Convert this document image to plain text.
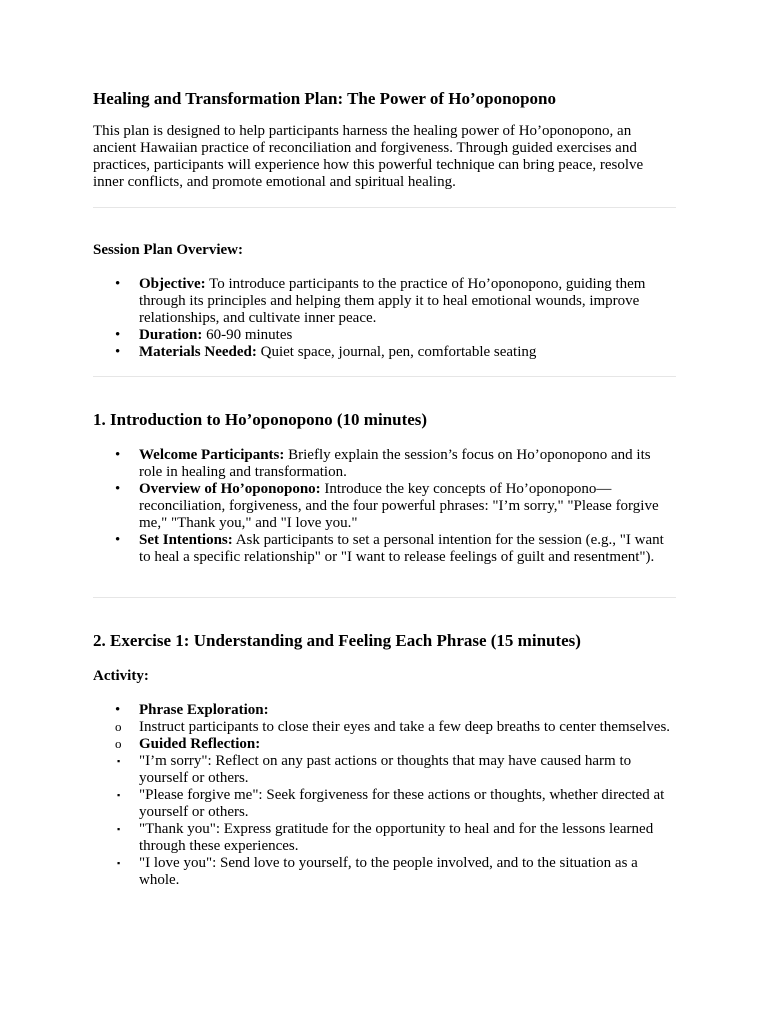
Healing and Transformation Plan: The Power of Ho’oponopono

This plan is designed to help participants harness the healing power of Ho’oponopono, an ancient Hawaiian practice of reconciliation and forgiveness. Through guided exercises and practices, participants will experience how this powerful technique can bring peace, resolve inner conflicts, and promote emotional and spiritual healing.

Session Plan Overview:
• Objective: To introduce participants to the practice of Ho’oponopono, guiding them through its principles and helping them apply it to heal emotional wounds, improve relationships, and cultivate inner peace.
• Duration: 60-90 minutes
• Materials Needed: Quiet space, journal, pen, comfortable seating
1. Introduction to Ho’oponopono (10 minutes)
• Welcome Participants: Briefly explain the session’s focus on Ho’oponopono and its role in healing and transformation.
• Overview of Ho’oponopono: Introduce the key concepts of Ho’oponopono—reconciliation, forgiveness, and the four powerful phrases: "I’m sorry," "Please forgive me," "Thank you," and "I love you."
• Set Intentions: Ask participants to set a personal intention for the session (e.g., "I want to heal a specific relationship" or "I want to release feelings of guilt and resentment").
2. Exercise 1: Understanding and Feeling Each Phrase (15 minutes)
Activity:
• Phrase Exploration:
o Instruct participants to close their eyes and take a few deep breaths to center themselves.
o Guided Reflection:
▪ "I’m sorry": Reflect on any past actions or thoughts that may have caused harm to yourself or others.
▪ "Please forgive me": Seek forgiveness for these actions or thoughts, whether directed at yourself or others.
▪ "Thank you": Express gratitude for the opportunity to heal and for the lessons learned through these experiences.
▪ "I love you": Send love to yourself, to the people involved, and to the situation as a whole.
